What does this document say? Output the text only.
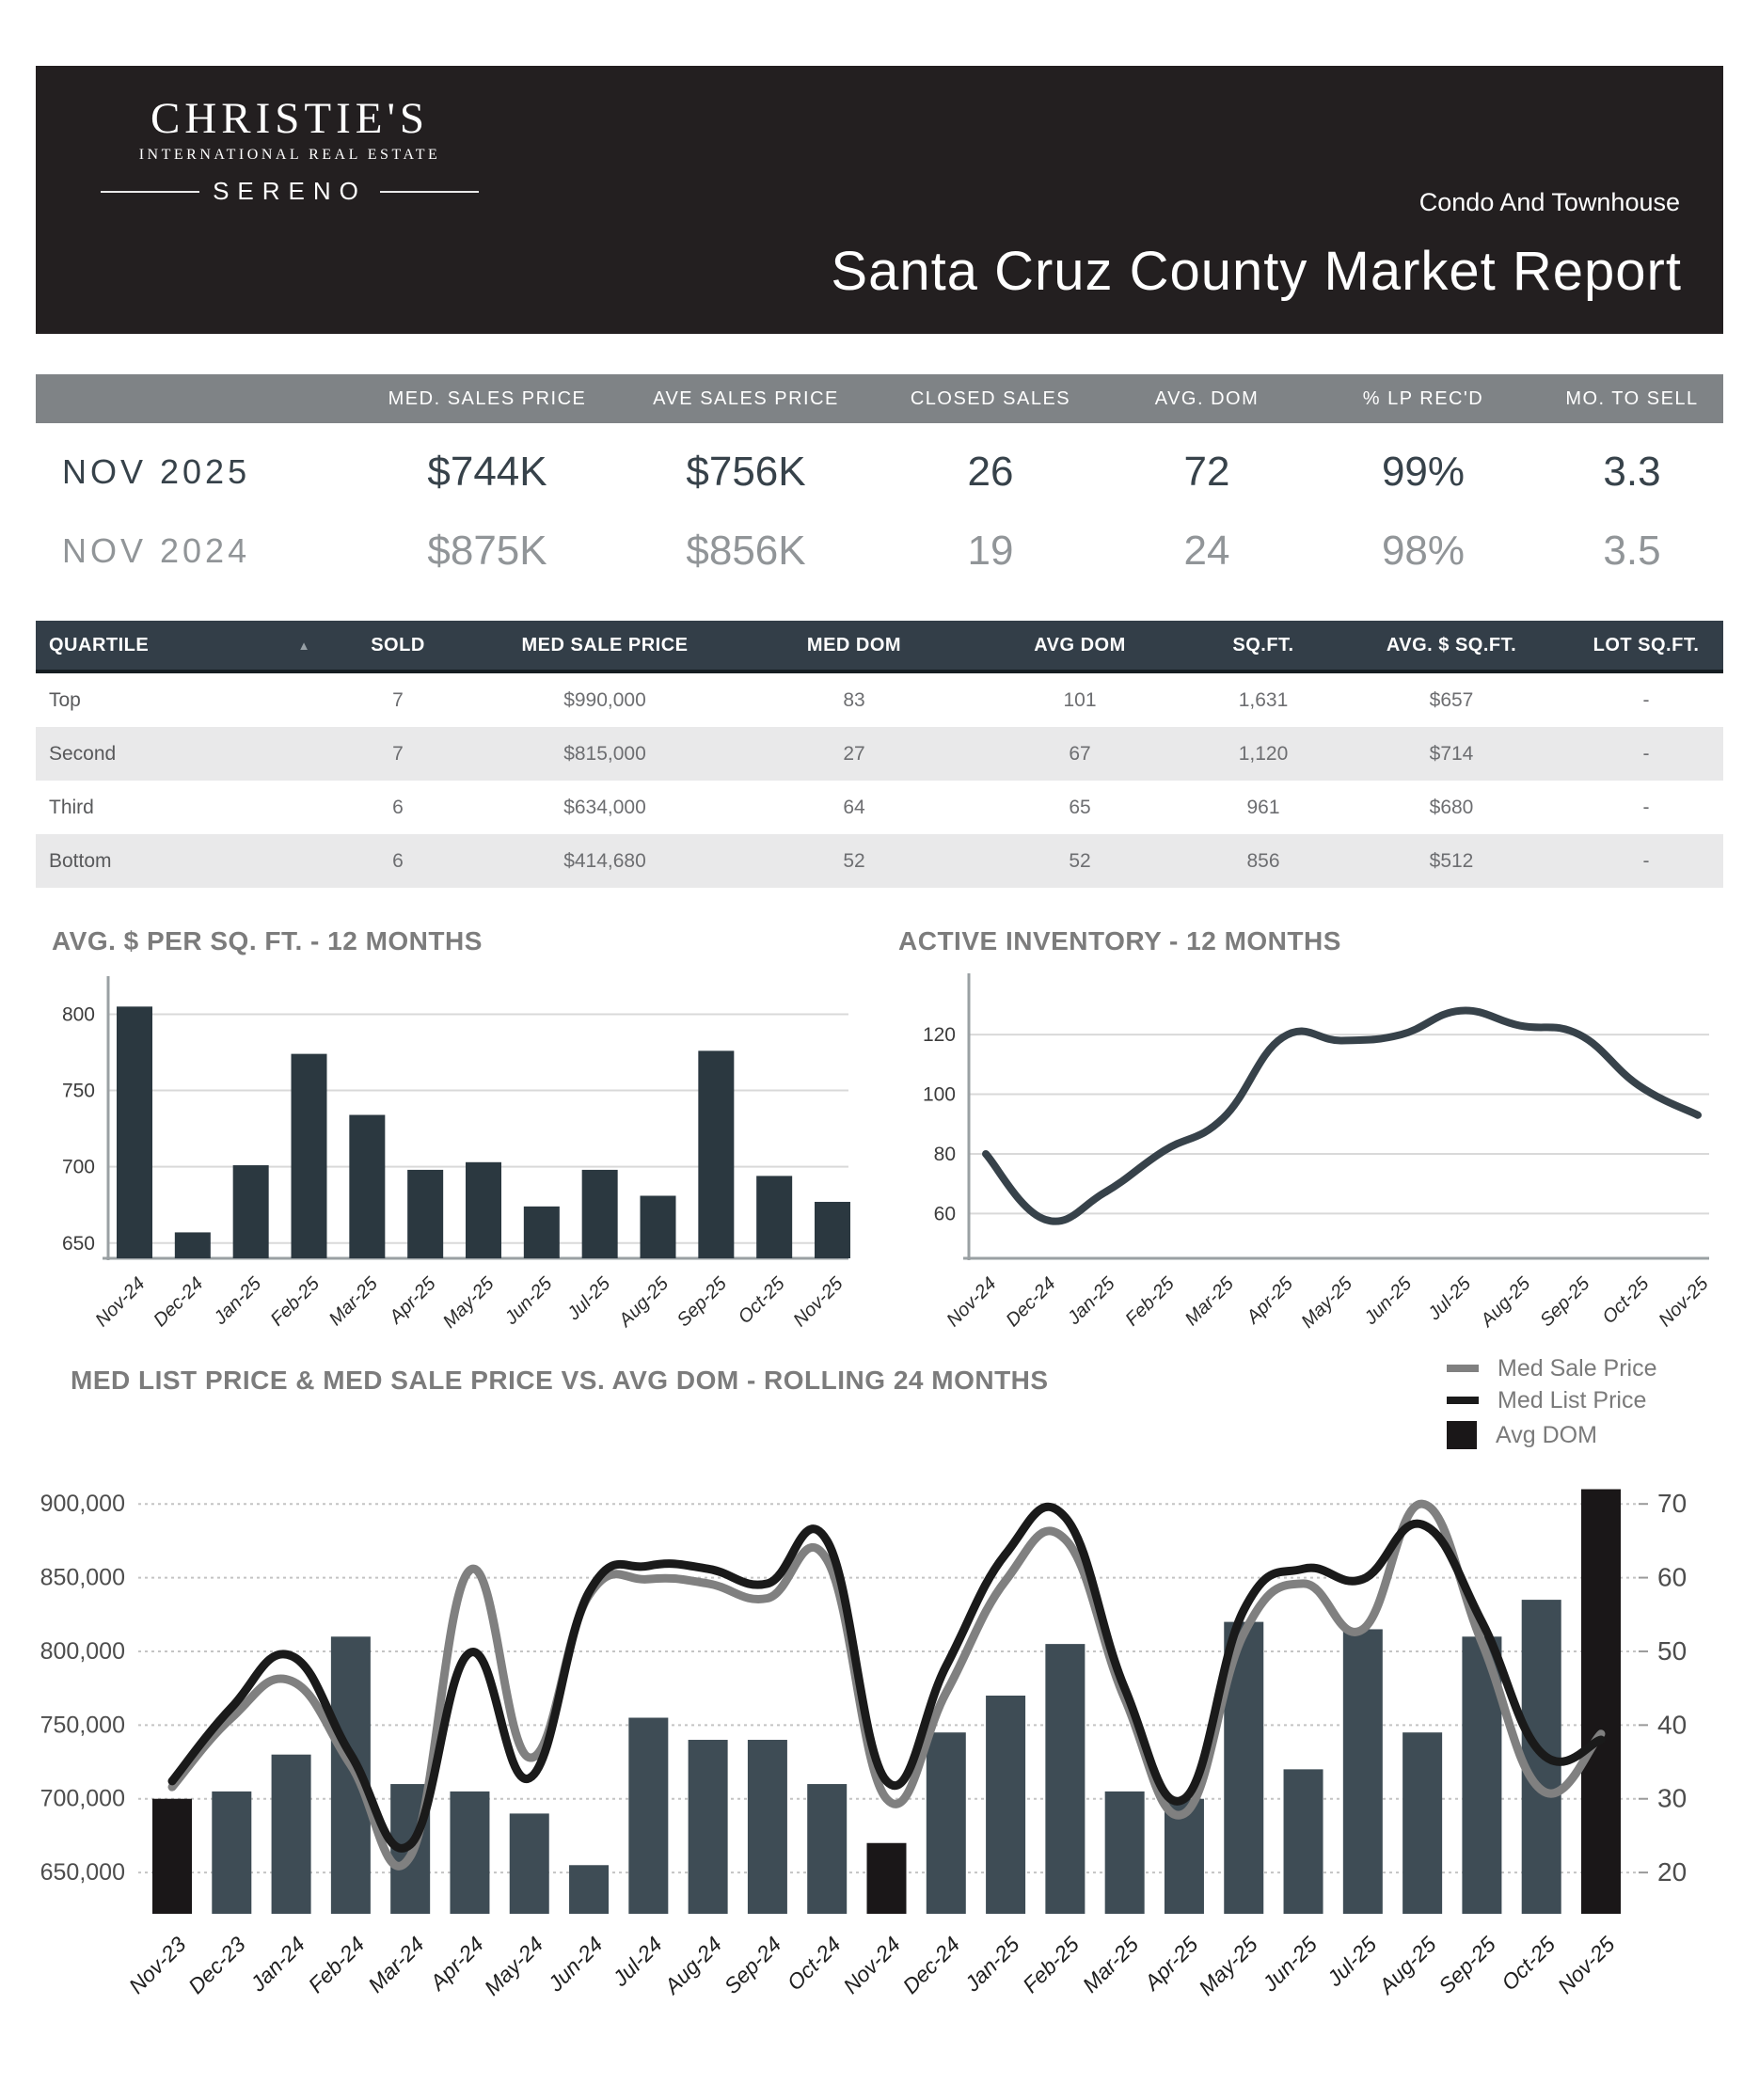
CHRISTIE'S
INTERNATIONAL REAL ESTATE
SERENO	Condo And Townhouse
Santa Cruz County Market Report
MED. SALES PRICE	AVE SALES PRICE	CLOSED SALES	AVG. DOM	% LP REC'D	MO. TO SELL
NOV 2025	$744K	$756K	26	72	99%	3.3
NOV 2024	$875K	$856K	19	24	98%	3.5
QUARTILE	▲	SOLD	MED SALE PRICE	MED DOM	AVG DOM	SQ.FT.	AVG. $ SQ.FT.	LOT SQ.FT.
Top	7	$990,000	83	101	1,631	$657	-
Second	7	$815,000	27	67	1,120	$714	-
Third	6	$634,000	64	65	961	$680	-
Bottom	6	$414,680	52	52	856	$512	-
AVG. $ PER SQ. FT. - 12 MONTHS
650
700
750
800
Nov-24 Dec-24 Jan-25 Feb-25 Mar-25 Apr-25 May-25 Jun-25 Jul-25 Aug-25 Sep-25 Oct-25 Nov-25
ACTIVE INVENTORY - 12 MONTHS
60
80
100
120
Nov-24 Dec-24 Jan-25 Feb-25 Mar-25 Apr-25 May-25 Jun-25 Jul-25 Aug-25 Sep-25 Oct-25 Nov-25
MED LIST PRICE & MED SALE PRICE VS. AVG DOM - ROLLING 24 MONTHS	Med Sale Price
Med List Price
Avg DOM
650,000	20
700,000	30
750,000	40
800,000	50
850,000	60
900,000	70
Nov-23
Dec-23
Jan-24
Feb-24
Mar-24
Apr-24
May-24
Jun-24 Jul-24
Aug-24
Sep-24
Oct-24
Nov-24
Dec-24
Jan-25
Feb-25
Mar-25
Apr-25
May-25
Jun-25 Jul-25
Aug-25
Sep-25
Oct-25
Nov-25
